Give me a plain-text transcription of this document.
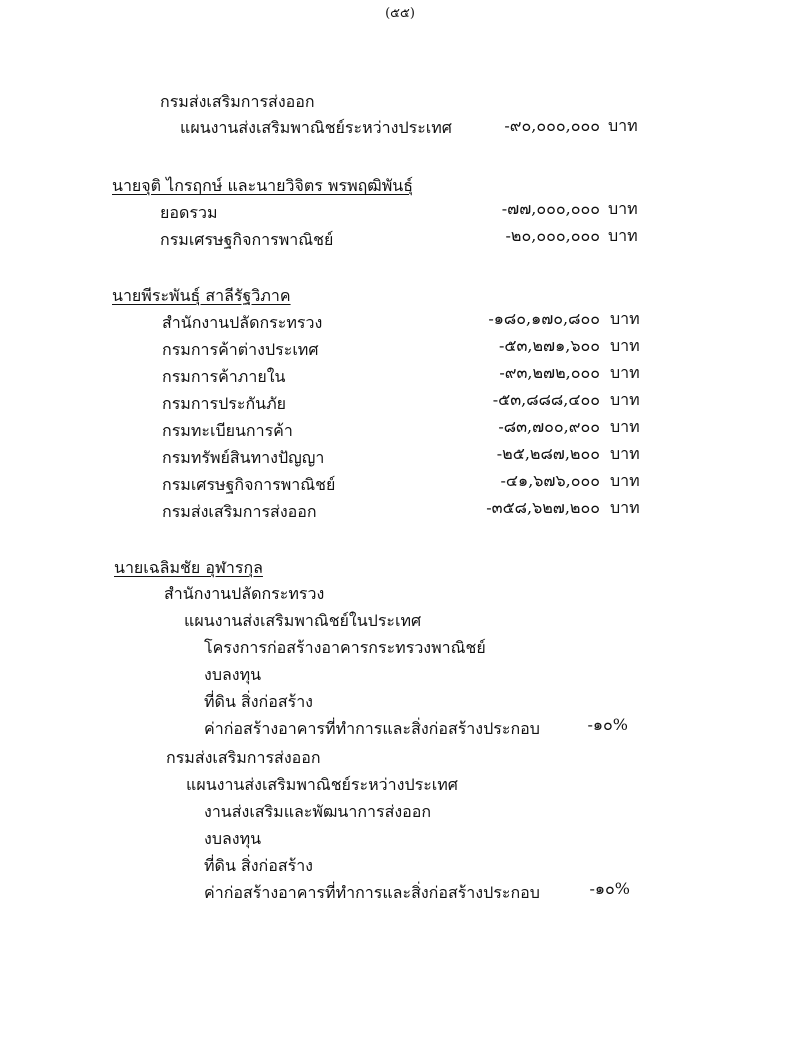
(๕๕)
กรมส่งเสริมการส่งออก
แผนงานส่งเสริมพาณิชย์ระหว่างประเทศ	-๙๐,๐๐๐,๐๐๐ บาท
นายจุติ ไกรฤกษ์ และนายวิจิตร พรพฤฒิพันธุ์
ยอดรวม	-๗๗,๐๐๐,๐๐๐ บาท
กรมเศรษฐกิจการพาณิชย์	-๒๐,๐๐๐,๐๐๐ บาท
นายพีระพันธุ์ สาลีรัฐวิภาค
สำนักงานปลัดกระทรวง	-๑๘๐,๑๗๐,๘๐๐ บาท
กรมการค้าต่างประเทศ	-๕๓,๒๗๑,๖๐๐ บาท
กรมการค้าภายใน	-๙๓,๒๗๒,๐๐๐ บาท
กรมการประกันภัย	-๕๓,๘๘๘,๔๐๐ บาท
กรมทะเบียนการค้า	-๘๓,๗๐๐,๙๐๐ บาท
กรมทรัพย์สินทางปัญญา	-๒๕,๒๘๗,๒๐๐ บาท
กรมเศรษฐกิจการพาณิชย์	-๔๑,๖๗๖,๐๐๐ บาท
กรมส่งเสริมการส่งออก	-๓๕๘,๖๒๗,๒๐๐ บาท
นายเฉลิมชัย อุฬารกุล
สำนักงานปลัดกระทรวง
แผนงานส่งเสริมพาณิชย์ในประเทศ
โครงการก่อสร้างอาคารกระทรวงพาณิชย์
งบลงทุน
ที่ดิน สิ่งก่อสร้าง
ค่าก่อสร้างอาคารที่ทำการและสิ่งก่อสร้างประกอบ	-๑๐%
กรมส่งเสริมการส่งออก
แผนงานส่งเสริมพาณิชย์ระหว่างประเทศ
งานส่งเสริมและพัฒนาการส่งออก
งบลงทุน
ที่ดิน สิ่งก่อสร้าง
ค่าก่อสร้างอาคารที่ทำการและสิ่งก่อสร้างประกอบ	-๑๐%
